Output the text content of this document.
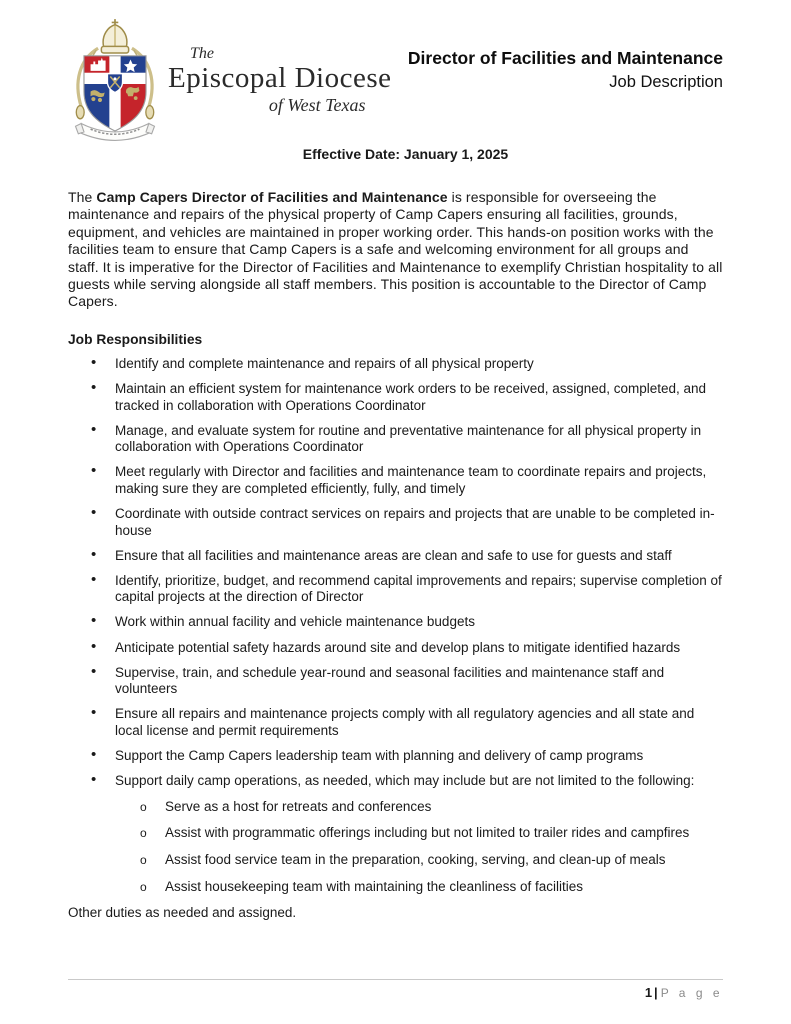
The
Episcopal Diocese
of West Texas
Director of Facilities and Maintenance
Job Description
Effective Date: January 1, 2025

The Camp Capers Director of Facilities and Maintenance is responsible for overseeing the maintenance and repairs of the physical property of Camp Capers ensuring all facilities, grounds, equipment, and vehicles are maintained in proper working order. This hands-on position works with the facilities team to ensure that Camp Capers is a safe and welcoming environment for all groups and staff. It is imperative for the Director of Facilities and Maintenance to exemplify Christian hospitality to all guests while serving alongside all staff members. This position is accountable to the Director of Camp Capers.

Job Responsibilities
• Identify and complete maintenance and repairs of all physical property
• Maintain an efficient system for maintenance work orders to be received, assigned, completed, and tracked in collaboration with Operations Coordinator
• Manage, and evaluate system for routine and preventative maintenance for all physical property in collaboration with Operations Coordinator
• Meet regularly with Director and facilities and maintenance team to coordinate repairs and projects, making sure they are completed efficiently, fully, and timely
• Coordinate with outside contract services on repairs and projects that are unable to be completed in-house
• Ensure that all facilities and maintenance areas are clean and safe to use for guests and staff
• Identify, prioritize, budget, and recommend capital improvements and repairs; supervise completion of capital projects at the direction of Director
• Work within annual facility and vehicle maintenance budgets
• Anticipate potential safety hazards around site and develop plans to mitigate identified hazards
• Supervise, train, and schedule year-round and seasonal facilities and maintenance staff and volunteers
• Ensure all repairs and maintenance projects comply with all regulatory agencies and all state and local license and permit requirements
• Support the Camp Capers leadership team with planning and delivery of camp programs
• Support daily camp operations, as needed, which may include but are not limited to the following:
o Serve as a host for retreats and conferences
o Assist with programmatic offerings including but not limited to trailer rides and campfires
o Assist food service team in the preparation, cooking, serving, and clean-up of meals
o Assist housekeeping team with maintaining the cleanliness of facilities

Other duties as needed and assigned.

1 | P a g e
